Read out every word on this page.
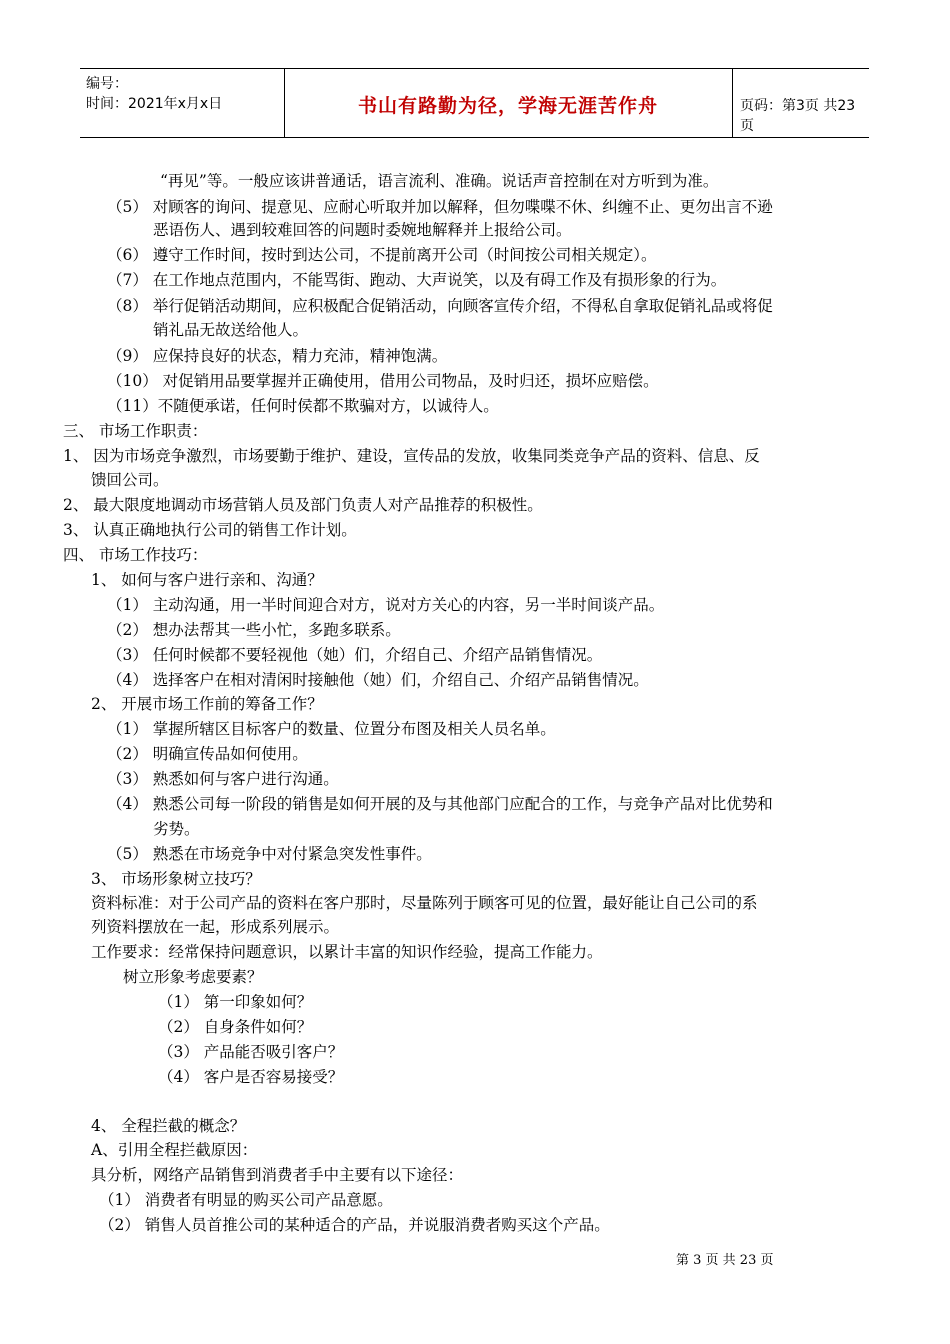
编号：
时间：2021年x月x日	书山有路勤为径，学海无涯苦作舟	页码：第3页 共23页
“再见”等。一般应该讲普通话，语言流利、准确。说话声音控制在对方听到为准。
（5） 对顾客的询问、提意见、应耐心听取并加以解释，但勿喋喋不休、纠缠不止、更勿出言不逊
恶语伤人、遇到较难回答的问题时委婉地解释并上报给公司。
（6） 遵守工作时间，按时到达公司，不提前离开公司（时间按公司相关规定）。
（7） 在工作地点范围内，不能骂街、跑动、大声说笑，以及有碍工作及有损形象的行为。
（8） 举行促销活动期间，应积极配合促销活动，向顾客宣传介绍，不得私自拿取促销礼品或将促
销礼品无故送给他人。
（9） 应保持良好的状态，精力充沛，精神饱满。
（10） 对促销用品要掌握并正确使用，借用公司物品，及时归还，损坏应赔偿。
（11）不随便承诺，任何时侯都不欺骗对方，以诚待人。
三、 市场工作职责：
1、 因为市场竞争激烈，市场要勤于维护、建设，宣传品的发放，收集同类竞争产品的资料、信息、反
馈回公司。
2、 最大限度地调动市场营销人员及部门负责人对产品推荐的积极性。
3、 认真正确地执行公司的销售工作计划。
四、 市场工作技巧：
1、 如何与客户进行亲和、沟通？
（1） 主动沟通，用一半时间迎合对方，说对方关心的内容，另一半时间谈产品。
（2） 想办法帮其一些小忙，多跑多联系。
（3） 任何时候都不要轻视他（她）们，介绍自己、介绍产品销售情况。
（4） 选择客户在相对清闲时接触他（她）们，介绍自己、介绍产品销售情况。
2、 开展市场工作前的筹备工作？
（1） 掌握所辖区目标客户的数量、位置分布图及相关人员名单。
（2） 明确宣传品如何使用。
（3） 熟悉如何与客户进行沟通。
（4） 熟悉公司每一阶段的销售是如何开展的及与其他部门应配合的工作，与竞争产品对比优势和
劣势。
（5） 熟悉在市场竞争中对付紧急突发性事件。
3、 市场形象树立技巧？
资料标准：对于公司产品的资料在客户那时，尽量陈列于顾客可见的位置，最好能让自己公司的系
列资料摆放在一起，形成系列展示。
工作要求：经常保持问题意识，以累计丰富的知识作经验，提高工作能力。
树立形象考虑要素？
（1） 第一印象如何？
（2） 自身条件如何？
（3） 产品能否吸引客户？
（4） 客户是否容易接受？
4、 全程拦截的概念？
A、引用全程拦截原因：
具分析，网络产品销售到消费者手中主要有以下途径：
（1） 消费者有明显的购买公司产品意愿。
（2） 销售人员首推公司的某种适合的产品，并说服消费者购买这个产品。
第 3 页 共 23 页
